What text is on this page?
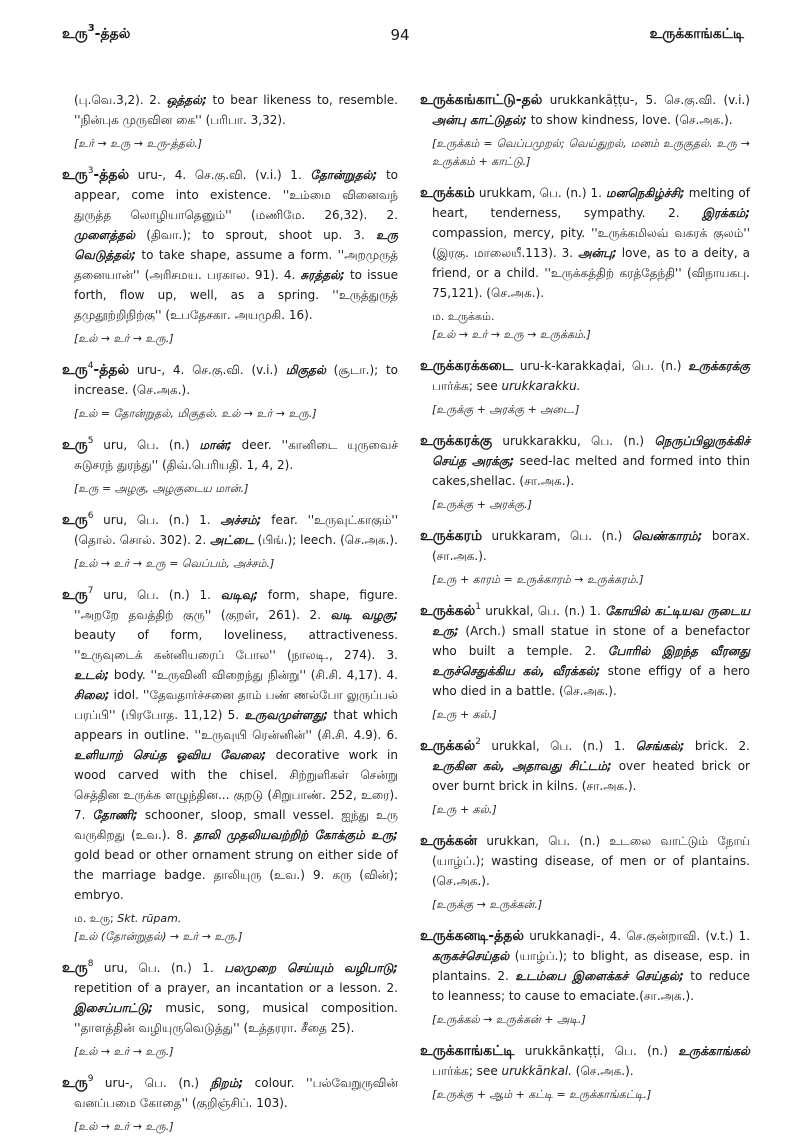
உரு$^3$-த்தல்	94	உருக்காங்கட்டி
(பு.வெ.3,2). 2. ஒத்தல்; to bear likeness to, resemble. ''நின்புக முருவின கை'' (பரிபா. 3,32).
[உர் → உரு → உரு-த்தல்.]
உரு$^3$-த்தல் uru-, 4. செ.கு.வி. (v.i.) 1. தோன்றுதல்; to appear, come into existence. ''உம்மை வினைவந் துருத்த லொழியாதெனும்'' (மணிமே. 26,32). 2. முளைத்தல் (திவா.); to sprout, shoot up. 3. உரு வெடுத்தல்; to take shape, assume a form. ''அறமுருத் தனையான்'' (அரிசமய. பரகால. 91). 4. சுரத்தல்; to issue forth, flow up, well, as a spring. ''உருத்துருத் தமுதூற்றிநிற்கு'' (உபதேசகா. அயமுகி. 16).
[உல் → உர் → உரு.]
உரு$^4$-த்தல் uru-, 4. செ.கு.வி. (v.i.) மிகுதல் (சூடா.); to increase. (செ.அக.).
[உல் = தோன்றுதல், மிகுதல். உல் → உர் → உரு.]
உரு$^5$ uru, பெ. (n.) மான்; deer. ''கானிடை யுருவைச் சுடுசரந் துரந்து'' (திவ்.பெரியதி. 1, 4, 2).
[உரு = அழகு, அழகுடைய மான்.]
உரு$^6$ uru, பெ. (n.) 1. அச்சம்; fear. ''உருவுட்காகும்'' (தொல். சொல். 302). 2. அட்டை (பிங்.); leech. (செ.அக.).
[உல் → உர் → உரு = வெப்பம், அச்சம்.]
உரு$^7$ uru, பெ. (n.) 1. வடிவு; form, shape, figure. ''அறறே தவத்திற் குரு'' (குறள், 261). 2. வடி வழகு; beauty of form, loveliness, attractiveness. ''உருவுடைக் கன்னியரைப் போல'' (நாலடி., 274). 3. உடல்; body. ''உருவினி விறைந்து நின்று'' (சி.சி. 4,17). 4. சிலை; idol. ''தேவதார்ச்சனை தாம் பண் ணல்போ லுருப்பல் பரப்பி'' (பிரபோத. 11,12) 5. உருவமுள்ளது; that which appears in outline. ''உருவுயி ரென்னின்'' (சி.சி. 4.9). 6. உளியாற் செய்த ஓவிய வேலை; decorative work in wood carved with the chisel. சிற்றுளிகள் சென்று செத்தின உருக்க ளழுந்தின... குறடு (சிறுபாண். 252, உரை). 7. தோணி; schooner, sloop, small vessel. ஐந்து உரு வருகிறது (உவ.). 8. தாலி முதலியவற்றிற் கோக்கும் உரு; gold bead or other ornament strung on either side of the marriage badge. தாலியுரு (உவ.) 9. கரு (வின்); embryo.
ம. உரு; Skt. rūpam.
[உல் (தோன்றுதல்) → உர் → உரு.]
உரு$^8$ uru, பெ. (n.) 1. பலமுறை செய்யும் வழிபாடு; repetition of a prayer, an incantation or a lesson. 2. இசைப்பாட்டு; music, song, musical composition. ''தாளத்தின் வழியுருவெடுத்து'' (உத்தரரா. சீதை 25).
[உல் → உர் → உரு.]
உரு$^9$ uru-, பெ. (n.) நிறம்; colour. ''பல்வேறுருவின் வனப்பமை கோதை'' (குறிஞ்சிப். 103).
[உல் → உர் → உரு.]
உருக்கங்காட்டு-தல் urukkankāṭṭu-, 5. செ.கு.வி. (v.i.) அன்பு காட்டுதல்; to show kindness, love. (செ.அக.).
[உருக்கம் = வெப்பமுறல்; வெய்துறல், மனம் உருகுதல். உரு → உருக்கம் + காட்டு.]
உருக்கம் urukkam, பெ. (n.) 1. மனநெகிழ்ச்சி; melting of heart, tenderness, sympathy. 2. இரக்கம்; compassion, mercy, pity. ''உருக்கமிலவ் வகரக் குலம்'' (இரகு. மாலையீ.113). 3. அன்பு; love, as to a deity, a friend, or a child. ''உருக்கத்திற் கரத்தேந்தி'' (விநாயகபு. 75,121). (செ.அக.).
ம. உருக்கம்.
[உல் → உர் → உரு → உருக்கம்.]
உருக்கரக்கடை uru-k-karakkaḍai, பெ. (n.) உருக்கரக்கு பார்க்க; see urukkarakku.
[உருக்கு + அரக்கு + அடை.]
உருக்கரக்கு urukkarakku, பெ. (n.) நெருப்பிலுருக்கிச் செய்த அரக்கு; seed-lac melted and formed into thin cakes,shellac. (சா.அக.).
[உருக்கு + அரக்கு.]
உருக்கரம் urukkaram, பெ. (n.) வெண்காரம்; borax. (சா.அக.).
[உரு + காரம் = உருக்காரம் → உருக்கரம்.]
உருக்கல்$^1$ urukkal, பெ. (n.) 1. கோயில் கட்டியவ ருடைய உரு; (Arch.) small statue in stone of a benefactor who built a temple. 2. போரில் இறந்த வீரனது உருச்செதுக்கிய கல், வீரக்கல்; stone effigy of a hero who died in a battle. (செ.அக.).
[உரு + கல்.]
உருக்கல்$^2$ urukkal, பெ. (n.) 1. செங்கல்; brick. 2. உருகின கல், அதாவது சிட்டம்; over heated brick or over burnt brick in kilns. (சா.அக.).
[உரு + கல்.]
உருக்கன் urukkan, பெ. (n.) உடலை வாட்டும் நோய் (யாழ்ப்.); wasting disease, of men or of plantains. (செ.அக.).
[உருக்கு → உருக்கன்.]
உருக்கனடி-த்தல் urukkanaḍi-, 4. செ.குன்றாவி. (v.t.) 1. கருகச்செய்தல் (யாழ்ப்.); to blight, as disease, esp. in plantains. 2. உடம்பை இளைக்கச் செய்தல்; to reduce to leanness; to cause to emaciate.(சா.அக.).
[உருக்கல் → உருக்கன் + அடி.]
உருக்காங்கட்டி urukkānkaṭṭi, பெ. (n.) உருக்காங்கல் பார்க்க; see urukkānkal. (செ.அக.).
[உருக்கு + ஆம் + கட்டி = உருக்காங்கட்டி.]
